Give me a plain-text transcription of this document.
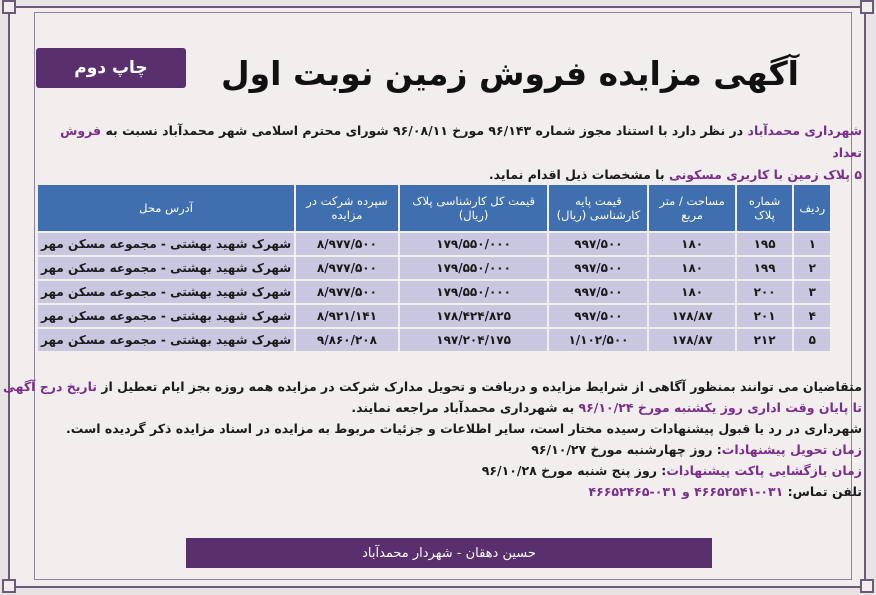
چاپ دوم	آگهی مزایده فروش زمین نوبت اول
شهرداری محمدآباد در نظر دارد با استناد مجوز شماره ۹۶/۱۴۳ مورخ ۹۶/۰۸/۱۱ شورای محترم اسلامی شهر محمدآباد نسبت به فروش تعداد
۵ پلاک زمین با کاربری مسکونی با مشخصات ذیل اقدام نماید.
ردیف	شماره پلاک	مساحت / متر مربع	قیمت پایه کارشناسی (ریال)	قیمت کل کارشناسی پلاک (ریال)	سپرده شرکت در مزایده	آدرس محل
۱	۱۹۵	۱۸۰	۹۹۷/۵۰۰	۱۷۹/۵۵۰/۰۰۰	۸/۹۷۷/۵۰۰	شهرک شهید بهشتی - مجموعه مسکن مهر
۲	۱۹۹	۱۸۰	۹۹۷/۵۰۰	۱۷۹/۵۵۰/۰۰۰	۸/۹۷۷/۵۰۰	شهرک شهید بهشتی - مجموعه مسکن مهر
۳	۲۰۰	۱۸۰	۹۹۷/۵۰۰	۱۷۹/۵۵۰/۰۰۰	۸/۹۷۷/۵۰۰	شهرک شهید بهشتی - مجموعه مسکن مهر
۴	۲۰۱	۱۷۸/۸۷	۹۹۷/۵۰۰	۱۷۸/۴۲۴/۸۲۵	۸/۹۲۱/۱۴۱	شهرک شهید بهشتی - مجموعه مسکن مهر
۵	۲۱۲	۱۷۸/۸۷	۱/۱۰۲/۵۰۰	۱۹۷/۲۰۴/۱۷۵	۹/۸۶۰/۲۰۸	شهرک شهید بهشتی - مجموعه مسکن مهر
متقاضیان می توانند بمنظور آگاهی از شرایط مزایده و دریافت و تحویل مدارک شرکت در مزایده همه روزه بجز ایام تعطیل از تاریخ درج آگهی
تا پایان وقت اداری روز یکشنبه مورخ ۹۶/۱۰/۲۴ به شهرداری محمدآباد مراجعه نمایند.
شهرداری در رد یا قبول پیشنهادات رسیده مختار است، سایر اطلاعات و جزئیات مربوط به مزایده در اسناد مزایده ذکر گردیده است.
زمان تحویل پیشنهادات: روز چهارشنبه مورخ ۹۶/۱۰/۲۷
زمان بازگشایی پاکت پیشنهادات: روز پنج شنبه مورخ ۹۶/۱۰/۲۸
تلفن تماس: ۰۳۱-۴۶۶۵۲۵۴۱ و ۰۳۱-۴۶۶۵۲۴۶۵
حسین دهقان - شهردار محمدآباد
